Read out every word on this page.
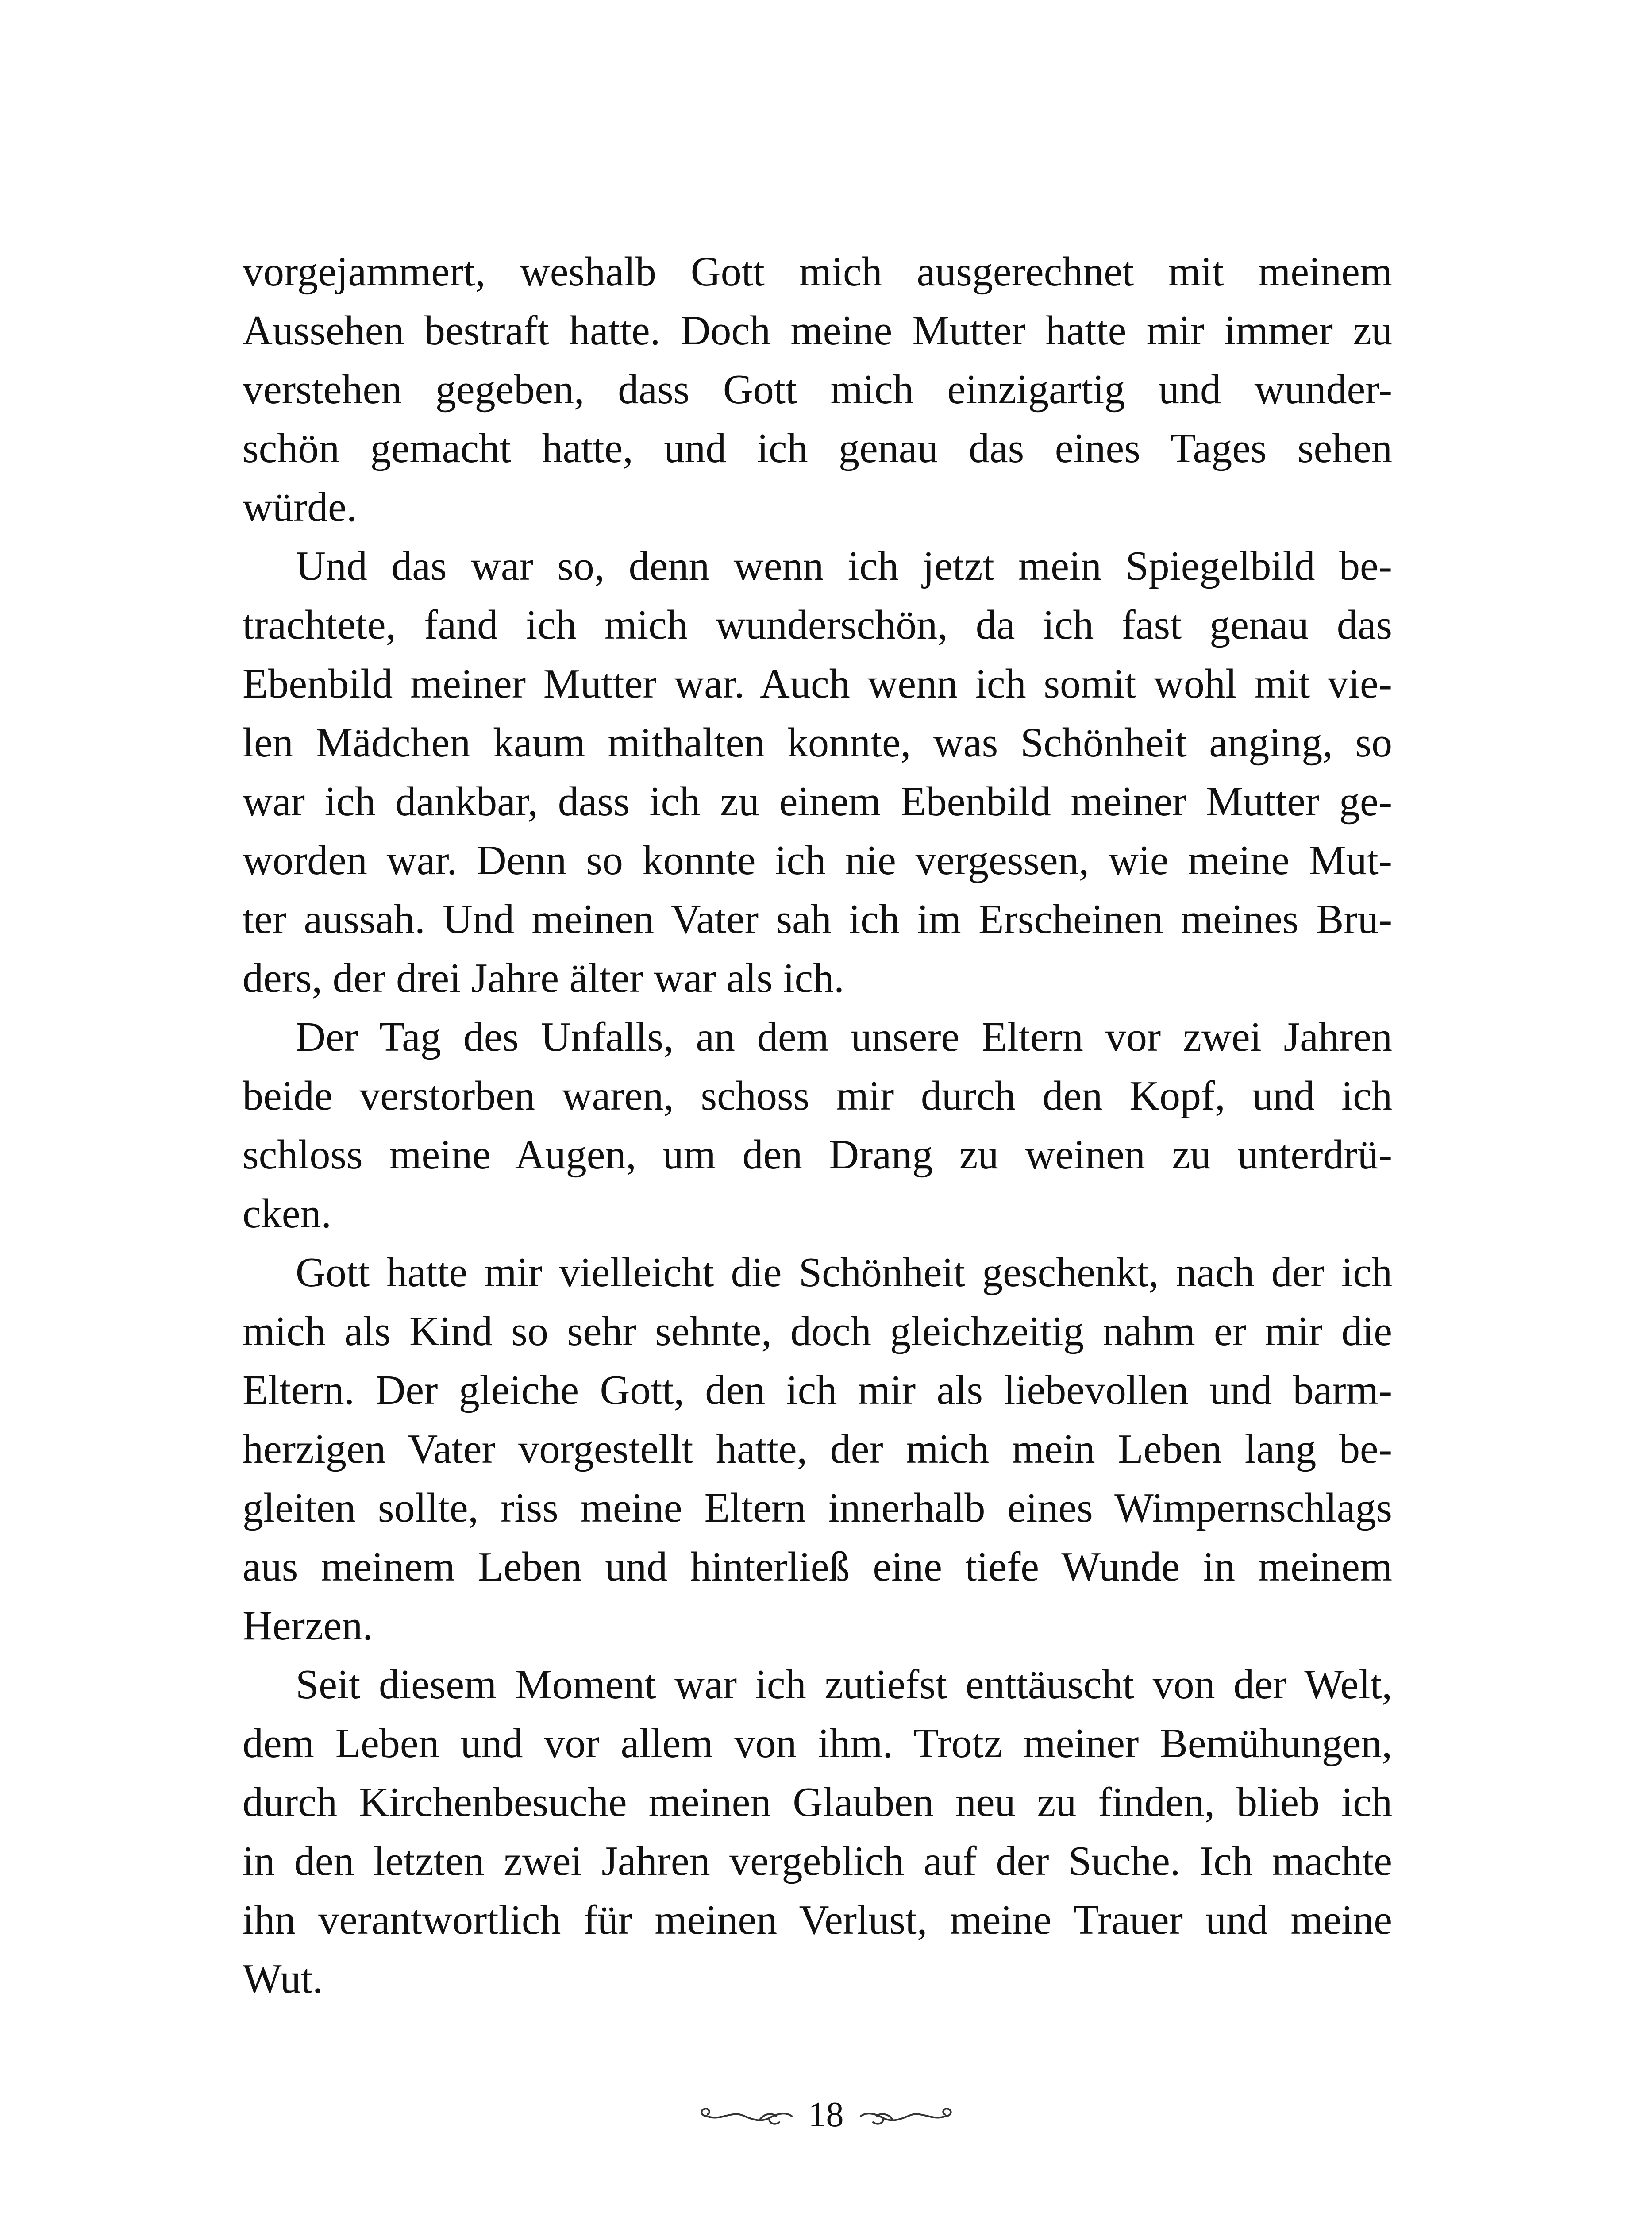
vorgejammert, weshalb Gott mich ausgerechnet mit meinem
Aussehen bestraft hatte. Doch meine Mutter hatte mir immer zu
verstehen gegeben, dass Gott mich einzigartig und wunder-
schön gemacht hatte, und ich genau das eines Tages sehen
würde.
Und das war so, denn wenn ich jetzt mein Spiegelbild be-
trachtete, fand ich mich wunderschön, da ich fast genau das
Ebenbild meiner Mutter war. Auch wenn ich somit wohl mit vie-
len Mädchen kaum mithalten konnte, was Schönheit anging, so
war ich dankbar, dass ich zu einem Ebenbild meiner Mutter ge-
worden war. Denn so konnte ich nie vergessen, wie meine Mut-
ter aussah. Und meinen Vater sah ich im Erscheinen meines Bru-
ders, der drei Jahre älter war als ich.
Der Tag des Unfalls, an dem unsere Eltern vor zwei Jahren
beide verstorben waren, schoss mir durch den Kopf, und ich
schloss meine Augen, um den Drang zu weinen zu unterdrü-
cken.
Gott hatte mir vielleicht die Schönheit geschenkt, nach der ich
mich als Kind so sehr sehnte, doch gleichzeitig nahm er mir die
Eltern. Der gleiche Gott, den ich mir als liebevollen und barm-
herzigen Vater vorgestellt hatte, der mich mein Leben lang be-
gleiten sollte, riss meine Eltern innerhalb eines Wimpernschlags
aus meinem Leben und hinterließ eine tiefe Wunde in meinem
Herzen.
Seit diesem Moment war ich zutiefst enttäuscht von der Welt,
dem Leben und vor allem von ihm. Trotz meiner Bemühungen,
durch Kirchenbesuche meinen Glauben neu zu finden, blieb ich
in den letzten zwei Jahren vergeblich auf der Suche. Ich machte
ihn verantwortlich für meinen Verlust, meine Trauer und meine
Wut.
18
